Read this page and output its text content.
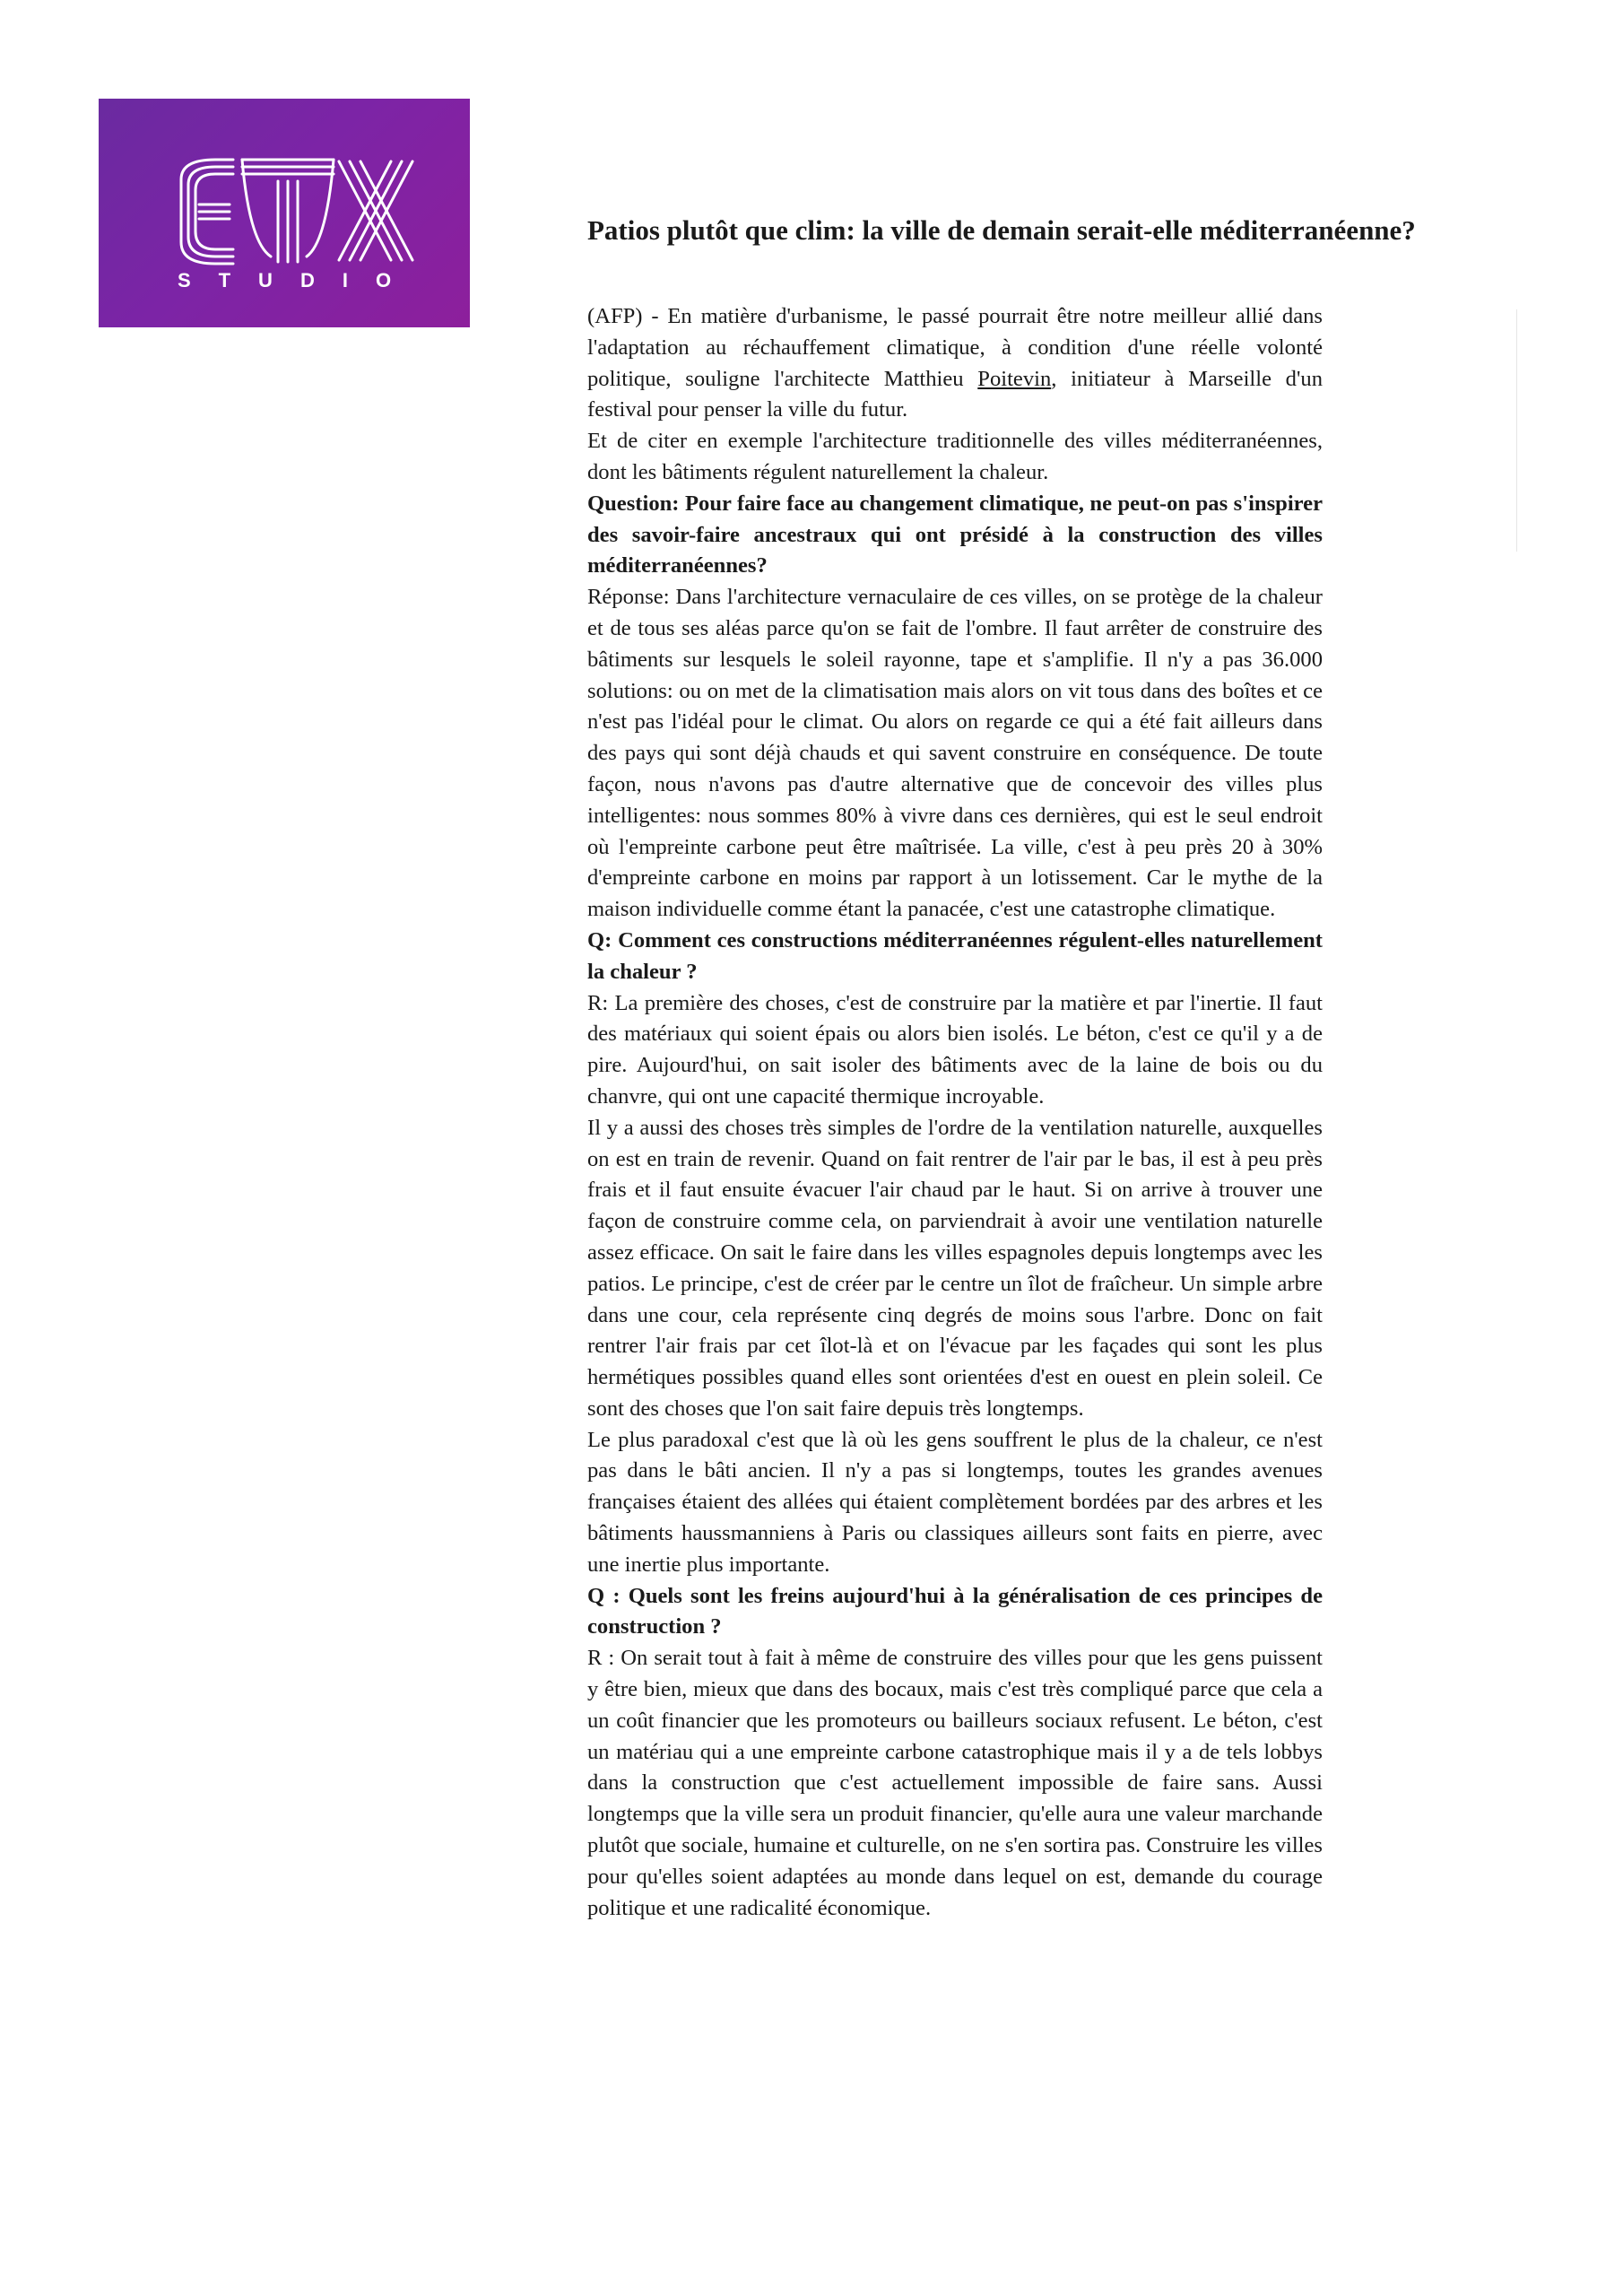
STUDIO
Patios plutôt que clim: la ville de demain serait-elle méditerranéenne?

(AFP) - En matière d'urbanisme, le passé pourrait être notre meilleur allié dans l'adaptation au réchauffement climatique, à condition d'une réelle volonté politique, souligne l'architecte Matthieu Poitevin, initiateur à Marseille d'un festival pour penser la ville du futur.

Et de citer en exemple l'architecture traditionnelle des villes méditerranéennes, dont les bâtiments régulent naturellement la chaleur.

Question: Pour faire face au changement climatique, ne peut-on pas s'inspirer des savoir-faire ancestraux qui ont présidé à la construction des villes méditerranéennes?

Réponse: Dans l'architecture vernaculaire de ces villes, on se protège de la chaleur et de tous ses aléas parce qu'on se fait de l'ombre. Il faut arrêter de construire des bâtiments sur lesquels le soleil rayonne, tape et s'amplifie. Il n'y a pas 36.000 solutions: ou on met de la climatisation mais alors on vit tous dans des boîtes et ce n'est pas l'idéal pour le climat. Ou alors on regarde ce qui a été fait ailleurs dans des pays qui sont déjà chauds et qui savent construire en conséquence. De toute façon, nous n'avons pas d'autre alternative que de concevoir des villes plus intelligentes: nous sommes 80% à vivre dans ces dernières, qui est le seul endroit où l'empreinte carbone peut être maîtrisée. La ville, c'est à peu près 20 à 30% d'empreinte carbone en moins par rapport à un lotissement. Car le mythe de la maison individuelle comme étant la panacée, c'est une catastrophe climatique.

Q: Comment ces constructions méditerranéennes régulent-elles naturellement la chaleur ?

R: La première des choses, c'est de construire par la matière et par l'inertie. Il faut des matériaux qui soient épais ou alors bien isolés. Le béton, c'est ce qu'il y a de pire. Aujourd'hui, on sait isoler des bâtiments avec de la laine de bois ou du chanvre, qui ont une capacité thermique incroyable.

Il y a aussi des choses très simples de l'ordre de la ventilation naturelle, auxquelles on est en train de revenir. Quand on fait rentrer de l'air par le bas, il est à peu près frais et il faut ensuite évacuer l'air chaud par le haut. Si on arrive à trouver une façon de construire comme cela, on parviendrait à avoir une ventilation naturelle assez efficace. On sait le faire dans les villes espagnoles depuis longtemps avec les patios. Le principe, c'est de créer par le centre un îlot de fraîcheur. Un simple arbre dans une cour, cela représente cinq degrés de moins sous l'arbre. Donc on fait rentrer l'air frais par cet îlot-là et on l'évacue par les façades qui sont les plus hermétiques possibles quand elles sont orientées d'est en ouest en plein soleil. Ce sont des choses que l'on sait faire depuis très longtemps.

Le plus paradoxal c'est que là où les gens souffrent le plus de la chaleur, ce n'est pas dans le bâti ancien. Il n'y a pas si longtemps, toutes les grandes avenues françaises étaient des allées qui étaient complètement bordées par des arbres et les bâtiments haussmanniens à Paris ou classiques ailleurs sont faits en pierre, avec une inertie plus importante.

Q : Quels sont les freins aujourd'hui à la généralisation de ces principes de construction ?

R : On serait tout à fait à même de construire des villes pour que les gens puissent y être bien, mieux que dans des bocaux, mais c'est très compliqué parce que cela a un coût financier que les promoteurs ou bailleurs sociaux refusent. Le béton, c'est un matériau qui a une empreinte carbone catastrophique mais il y a de tels lobbys dans la construction que c'est actuellement impossible de faire sans. Aussi longtemps que la ville sera un produit financier, qu'elle aura une valeur marchande plutôt que sociale, humaine et culturelle, on ne s'en sortira pas. Construire les villes pour qu'elles soient adaptées au monde dans lequel on est, demande du courage politique et une radicalité économique.
